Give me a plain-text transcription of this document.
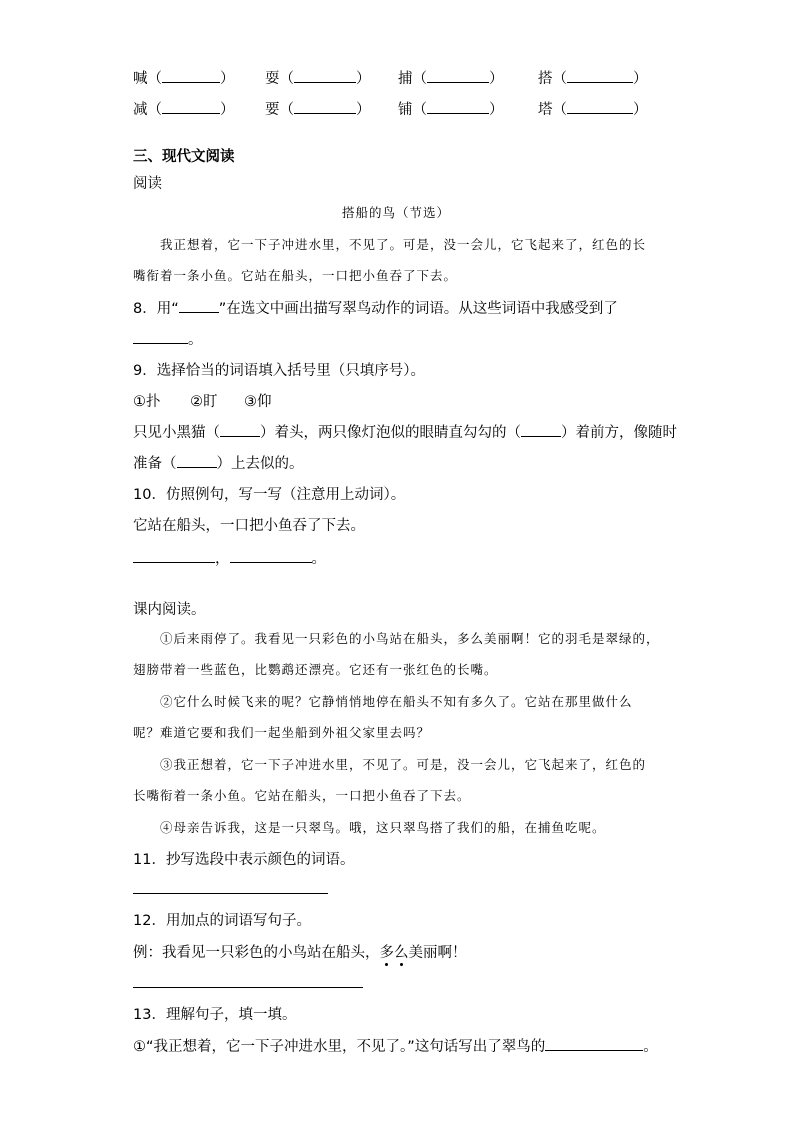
喊（	） 耍（	） 捕（	） 搭（	）
减（	） 要（	） 铺（	） 塔（	）
三、现代文阅读
阅读
搭船的鸟（节选）
我正想着，它一下子冲进水里，不见了。可是，没一会儿，它飞起来了，红色的长
嘴衔着一条小鱼。它站在船头，一口把小鱼吞了下去。
8．用“	”在选文中画出描写翠鸟动作的词语。从这些词语中我感受到了
。
9．选择恰当的词语填入括号里（只填序号）。
①扑 ②盯 ③仰
只见小黑猫（	）着头，两只像灯泡似的眼睛直勾勾的（	）着前方，像随时
准备（	）上去似的。
10．仿照例句，写一写（注意用上动词）。
它站在船头，一口把小鱼吞了下去。
，	。
课内阅读。
①后来雨停了。我看见一只彩色的小鸟站在船头，多么美丽啊！它的羽毛是翠绿的，
翅膀带着一些蓝色，比鹦鹉还漂亮。它还有一张红色的长嘴。
②它什么时候飞来的呢？它静悄悄地停在船头不知有多久了。它站在那里做什么
呢？难道它要和我们一起坐船到外祖父家里去吗？
③我正想着，它一下子冲进水里，不见了。可是，没一会儿，它飞起来了，红色的
长嘴衔着一条小鱼。它站在船头，一口把小鱼吞了下去。
④母亲告诉我，这是一只翠鸟。哦，这只翠鸟搭了我们的船，在捕鱼吃呢。
11．抄写选段中表示颜色的词语。
12．用加点的词语写句子。
例：我看见一只彩色的小鸟站在船头，多
么
美丽啊！
13．理解句子，填一填。
①“我正想着，它一下子冲进水里，不见了。”这句话写出了翠鸟的	。
